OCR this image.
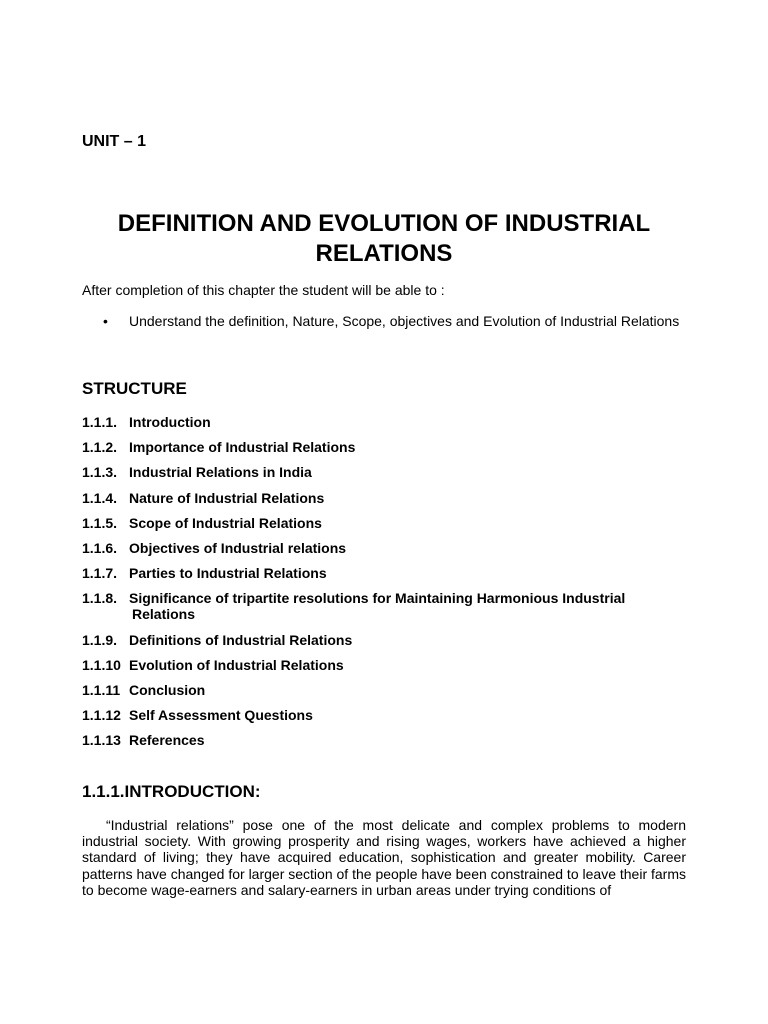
UNIT – 1

DEFINITION AND EVOLUTION OF INDUSTRIAL
RELATIONS

After completion of this chapter the student will be able to :

• Understand the definition, Nature, Scope, objectives and Evolution of Industrial Relations
STRUCTURE
1.1.1. Introduction
1.1.2. Importance of Industrial Relations
1.1.3. Industrial Relations in India
1.1.4. Nature of Industrial Relations
1.1.5. Scope of Industrial Relations
1.1.6. Objectives of Industrial relations
1.1.7. Parties to Industrial Relations
1.1.8. Significance of tripartite resolutions for Maintaining Harmonious Industrial Relations
1.1.9. Definitions of Industrial Relations
1.1.10 Evolution of Industrial Relations
1.1.11 Conclusion
1.1.12 Self Assessment Questions
1.1.13 References
1.1.1.INTRODUCTION:

“Industrial relations” pose one of the most delicate and complex problems to modern industrial society. With growing prosperity and rising wages, workers have achieved a higher standard of living; they have acquired education, sophistication and greater mobility. Career patterns have changed for larger section of the people have been constrained to leave their farms to become wage-earners and salary-earners in urban areas under trying conditions of
